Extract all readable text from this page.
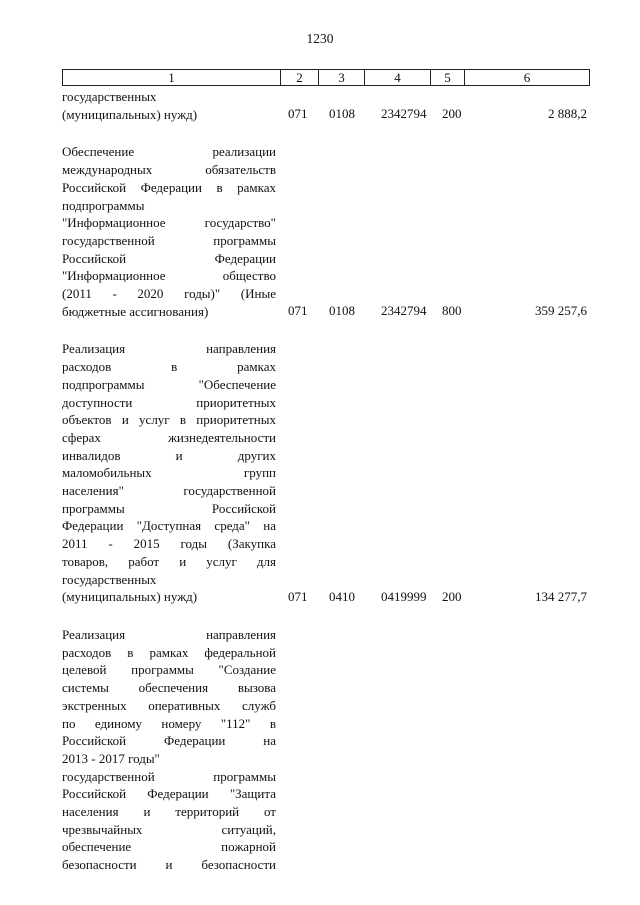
1230
1	2	3	4	5	6
государственных
(муниципальных) нужд)	071 0108 2342794 200	2 888,2
Обеспечение реализации
международных обязательств
Российской Федерации в рамках
подпрограммы
"Информационное государство"
государственной программы
Российской Федерации
"Информационное общество
(2011 - 2020 годы)" (Иные
бюджетные ассигнования)	071 0108 2342794 800	359 257,6
Реализация направления
расходов в рамках
подпрограммы "Обеспечение
доступности приоритетных
объектов и услуг в приоритетных
сферах жизнедеятельности
инвалидов и других
маломобильных групп
населения" государственной
программы Российской
Федерации "Доступная среда" на
2011 - 2015 годы (Закупка
товаров, работ и услуг для
государственных
(муниципальных) нужд)	071 0410 0419999 200	134 277,7
Реализация направления
расходов в рамках федеральной
целевой программы "Создание
системы обеспечения вызова
экстренных оперативных служб
по единому номеру "112" в
Российской Федерации на
2013 - 2017 годы"
государственной программы
Российской Федерации "Защита
населения и территорий от
чрезвычайных ситуаций,
обеспечение пожарной
безопасности и безопасности
